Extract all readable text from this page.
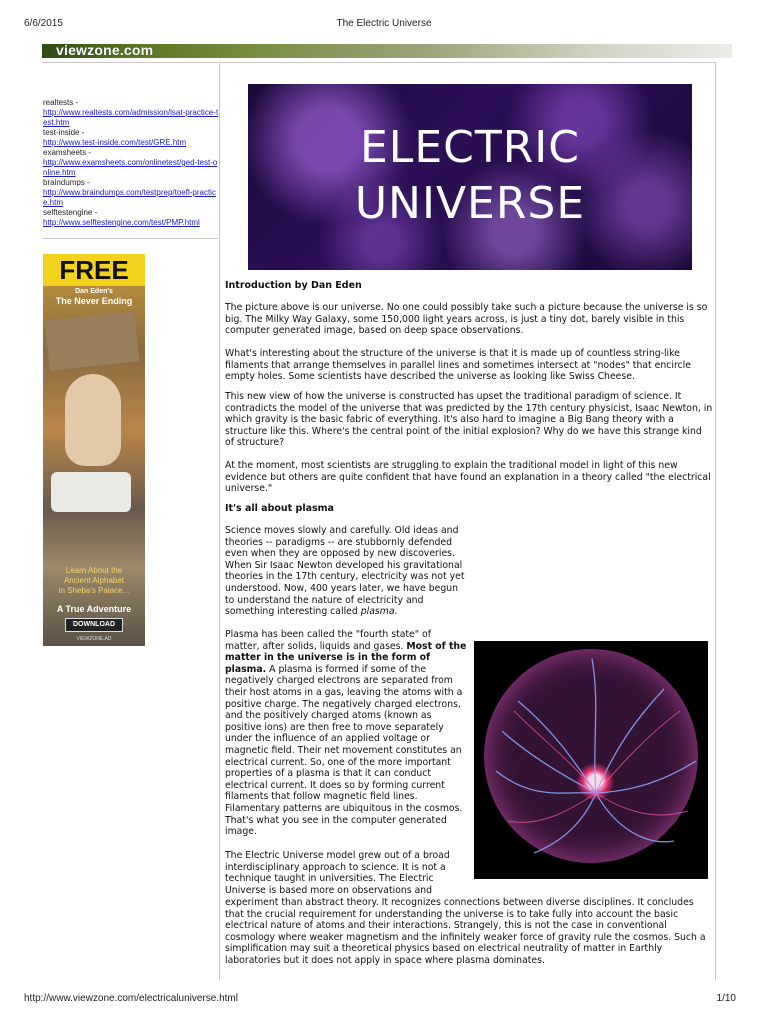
6/6/2015	The Electric Universe
viewzone.com
realtests -
http://www.realtests.com/admission/lsat-practice-test.htm
test-inside -
http://www.test-inside.com/test/GRE.htm
examsheets -
http://www.examsheets.com/onlinetest/ged-test-online.htm
braindumps -
http://www.braindumps.com/testprep/toefl-practice.htm
selftestengine -
http://www.selftestengine.com/test/PMP.html
FREE
Dan Eden's
The Never Ending
Learn About the
Ancient Alphabet
in Sheba's Palace...
A True Adventure
DOWNLOAD
VIEWZONE.AD
ELECTRIC
UNIVERSE

Introduction by Dan Eden

The picture above is our universe. No one could possibly take such a picture because the universe is so big. The Milky Way Galaxy, some 150,000 light years across, is just a tiny dot, barely visible in this computer generated image, based on deep space observations.

What's interesting about the structure of the universe is that it is made up of countless string-like filaments that arrange themselves in parallel lines and sometimes intersect at "nodes" that encircle empty holes. Some scientists have described the universe as looking like Swiss Cheese.

This new view of how the universe is constructed has upset the traditional paradigm of science. It contradicts the model of the universe that was predicted by the 17th century physicist, Isaac Newton, in which gravity is the basic fabric of everything. It's also hard to imagine a Big Bang theory with a structure like this. Where's the central point of the initial explosion? Why do we have this strange kind of structure?

At the moment, most scientists are struggling to explain the traditional model in light of this new evidence but others are quite confident that have found an explanation in a theory called "the electrical universe."

It's all about plasma

Science moves slowly and carefully. Old ideas and theories -- paradigms -- are stubbornly defended even when they are opposed by new discoveries. When Sir Isaac Newton developed his gravitational theories in the 17th century, electricity was not yet understood. Now, 400 years later, we have begun to understand the nature of electricity and something interesting called plasma.

Plasma has been called the "fourth state" of matter, after solids, liquids and gases. Most of the matter in the universe is in the form of plasma. A plasma is formed if some of the negatively charged electrons are separated from their host atoms in a gas, leaving the atoms with a positive charge. The negatively charged electrons, and the positively charged atoms (known as positive ions) are then free to move separately under the influence of an applied voltage or magnetic field. Their net movement constitutes an electrical current. So, one of the more important properties of a plasma is that it can conduct electrical current. It does so by forming current filaments that follow magnetic field lines. Filamentary patterns are ubiquitous in the cosmos. That's what you see in the computer generated image.

The Electric Universe model grew out of a broad interdisciplinary approach to science. It is not a technique taught in universities. The Electric Universe is based more on observations and

experiment than abstract theory. It recognizes connections between diverse disciplines. It concludes that the crucial requirement for understanding the universe is to take fully into account the basic electrical nature of atoms and their interactions. Strangely, this is not the case in conventional cosmology where weaker magnetism and the infinitely weaker force of gravity rule the cosmos. Such a simplification may suit a theoretical physics based on electrical neutrality of matter in Earthly laboratories but it does not apply in space where plasma dominates.

http://www.viewzone.com/electricaluniverse.html	1/10
